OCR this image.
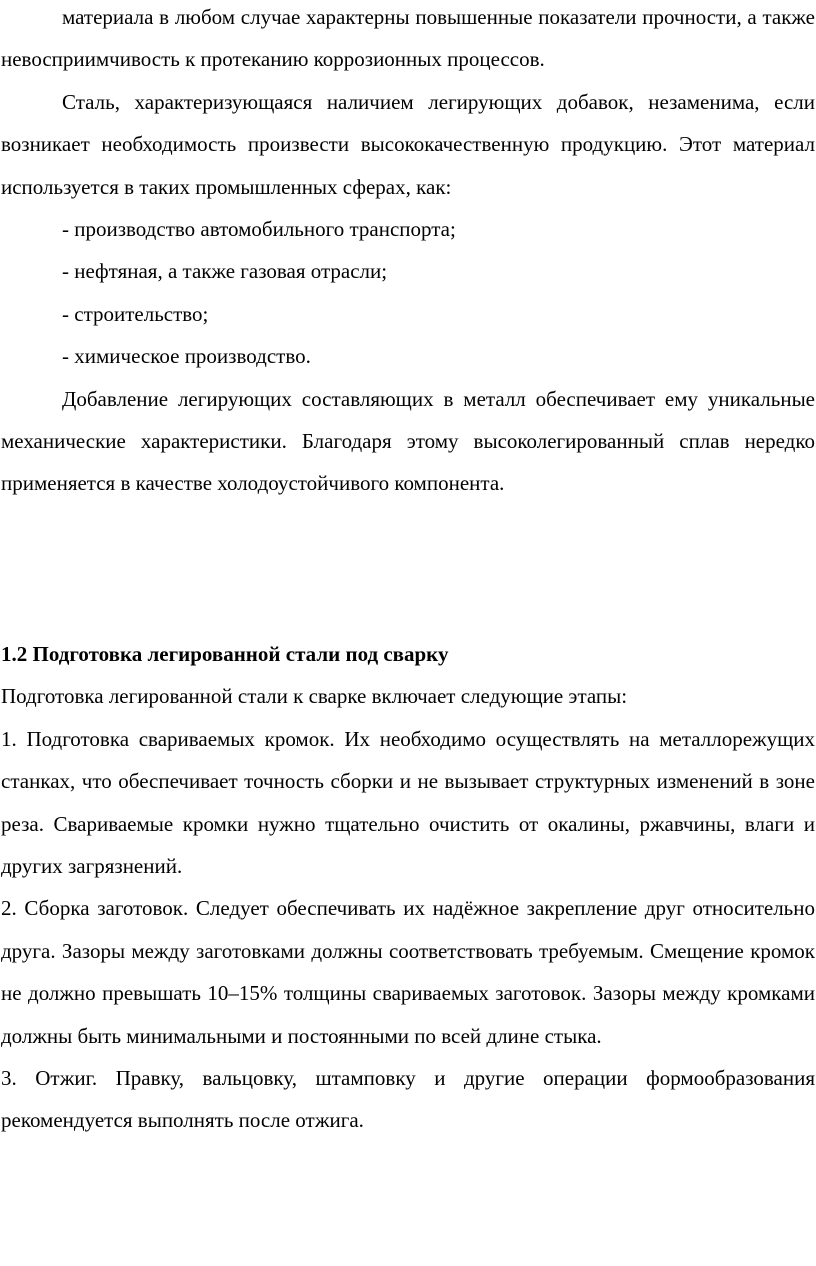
материала в любом случае характерны повышенные показатели прочности, а также невосприимчивость к протеканию коррозионных процессов.

Сталь, характеризующаяся наличием легирующих добавок, незаменима, если возникает необходимость произвести высококачественную продукцию. Этот материал используется в таких промышленных сферах, как:

- производство автомобильного транспорта;

- нефтяная, а также газовая отрасли;

- строительство;

- химическое производство.

Добавление легирующих составляющих в металл обеспечивает ему уникальные механические характеристики. Благодаря этому высоколегированный сплав нередко применяется в качестве холодоустойчивого компонента.

1.2 Подготовка легированной стали под сварку

Подготовка легированной стали к сварке включает следующие этапы:

1. Подготовка свариваемых кромок. Их необходимо осуществлять на металлорежущих станках, что обеспечивает точность сборки и не вызывает структурных изменений в зоне реза. Свариваемые кромки нужно тщательно очистить от окалины, ржавчины, влаги и других загрязнений.

2. Сборка заготовок. Следует обеспечивать их надёжное закрепление друг относительно друга. Зазоры между заготовками должны соответствовать требуемым. Смещение кромок не должно превышать 10–15% толщины свариваемых заготовок. Зазоры между кромками должны быть минимальными и постоянными по всей длине стыка.

3. Отжиг. Правку, вальцовку, штамповку и другие операции формообразования рекомендуется выполнять после отжига.
